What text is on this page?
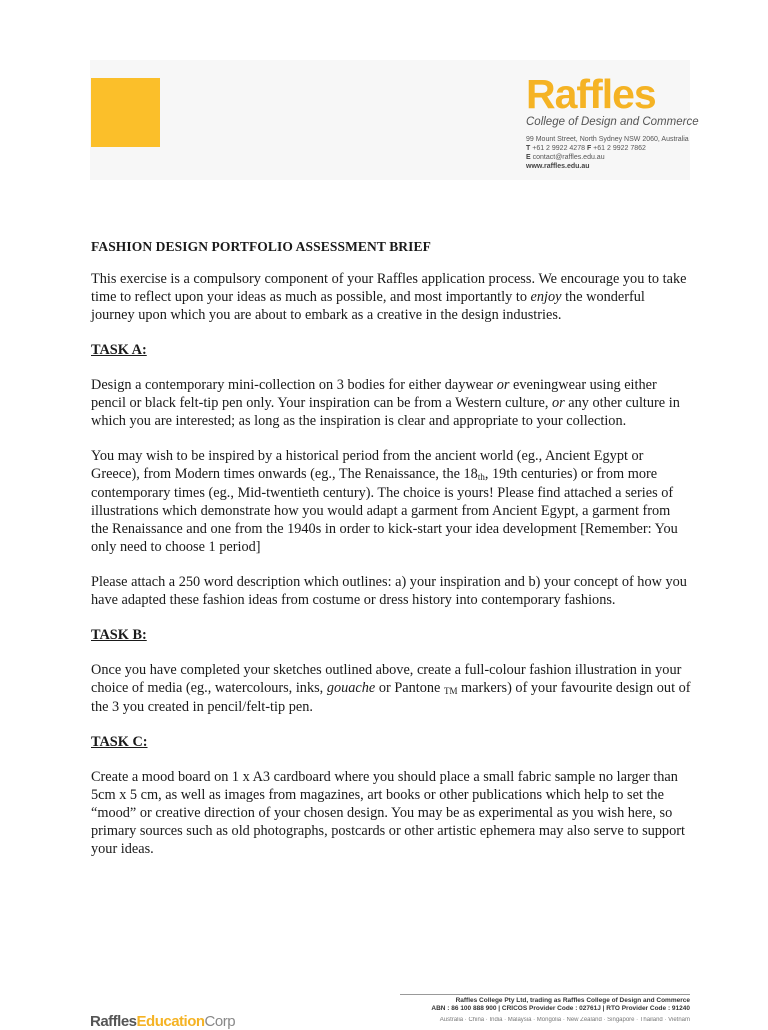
Raffles
College of Design and Commerce
99 Mount Street, North Sydney NSW 2060, Australia
T +61 2 9922 4278 F +61 2 9922 7862
E contact@raffles.edu.au
www.raffles.edu.au
FASHION DESIGN PORTFOLIO ASSESSMENT BRIEF

This exercise is a compulsory component of your Raffles application process. We encourage you to take time to reflect upon your ideas as much as possible, and most importantly to enjoy the wonderful journey upon which you are about to embark as a creative in the design industries.

TASK A:

Design a contemporary mini-collection on 3 bodies for either daywear or eveningwear using either pencil or black felt-tip pen only. Your inspiration can be from a Western culture, or any other culture in which you are interested; as long as the inspiration is clear and appropriate to your collection.

You may wish to be inspired by a historical period from the ancient world (eg., Ancient Egypt or Greece), from Modern times onwards (eg., The Renaissance, the 18th, 19th centuries) or from more contemporary times (eg., Mid-twentieth century). The choice is yours! Please find attached a series of illustrations which demonstrate how you would adapt a garment from Ancient Egypt, a garment from the Renaissance and one from the 1940s in order to kick-start your idea development [Remember: You only need to choose 1 period]

Please attach a 250 word description which outlines: a) your inspiration and b) your concept of how you have adapted these fashion ideas from costume or dress history into contemporary fashions.

TASK B:

Once you have completed your sketches outlined above, create a full-colour fashion illustration in your choice of media (eg., watercolours, inks, gouache or Pantone TM markers) of your favourite design out of the 3 you created in pencil/felt-tip pen.

TASK C:

Create a mood board on 1 x A3 cardboard where you should place a small fabric sample no larger than 5cm x 5 cm, as well as images from magazines, art books or other publications which help to set the “mood” or creative direction of your chosen design. You may be as experimental as you wish here, so primary sources such as old photographs, postcards or other artistic ephemera may also serve to support your ideas.

Raffles College Pty Ltd, trading as Raffles College of Design and Commerce
ABN : 86 100 888 900 | CRICOS Provider Code : 02761J | RTO Provider Code : 91240
Australia · China · India · Malaysia · Mongolia · New Zealand · Singapore · Thailand · Vietnam
RafflesEducationCorp
